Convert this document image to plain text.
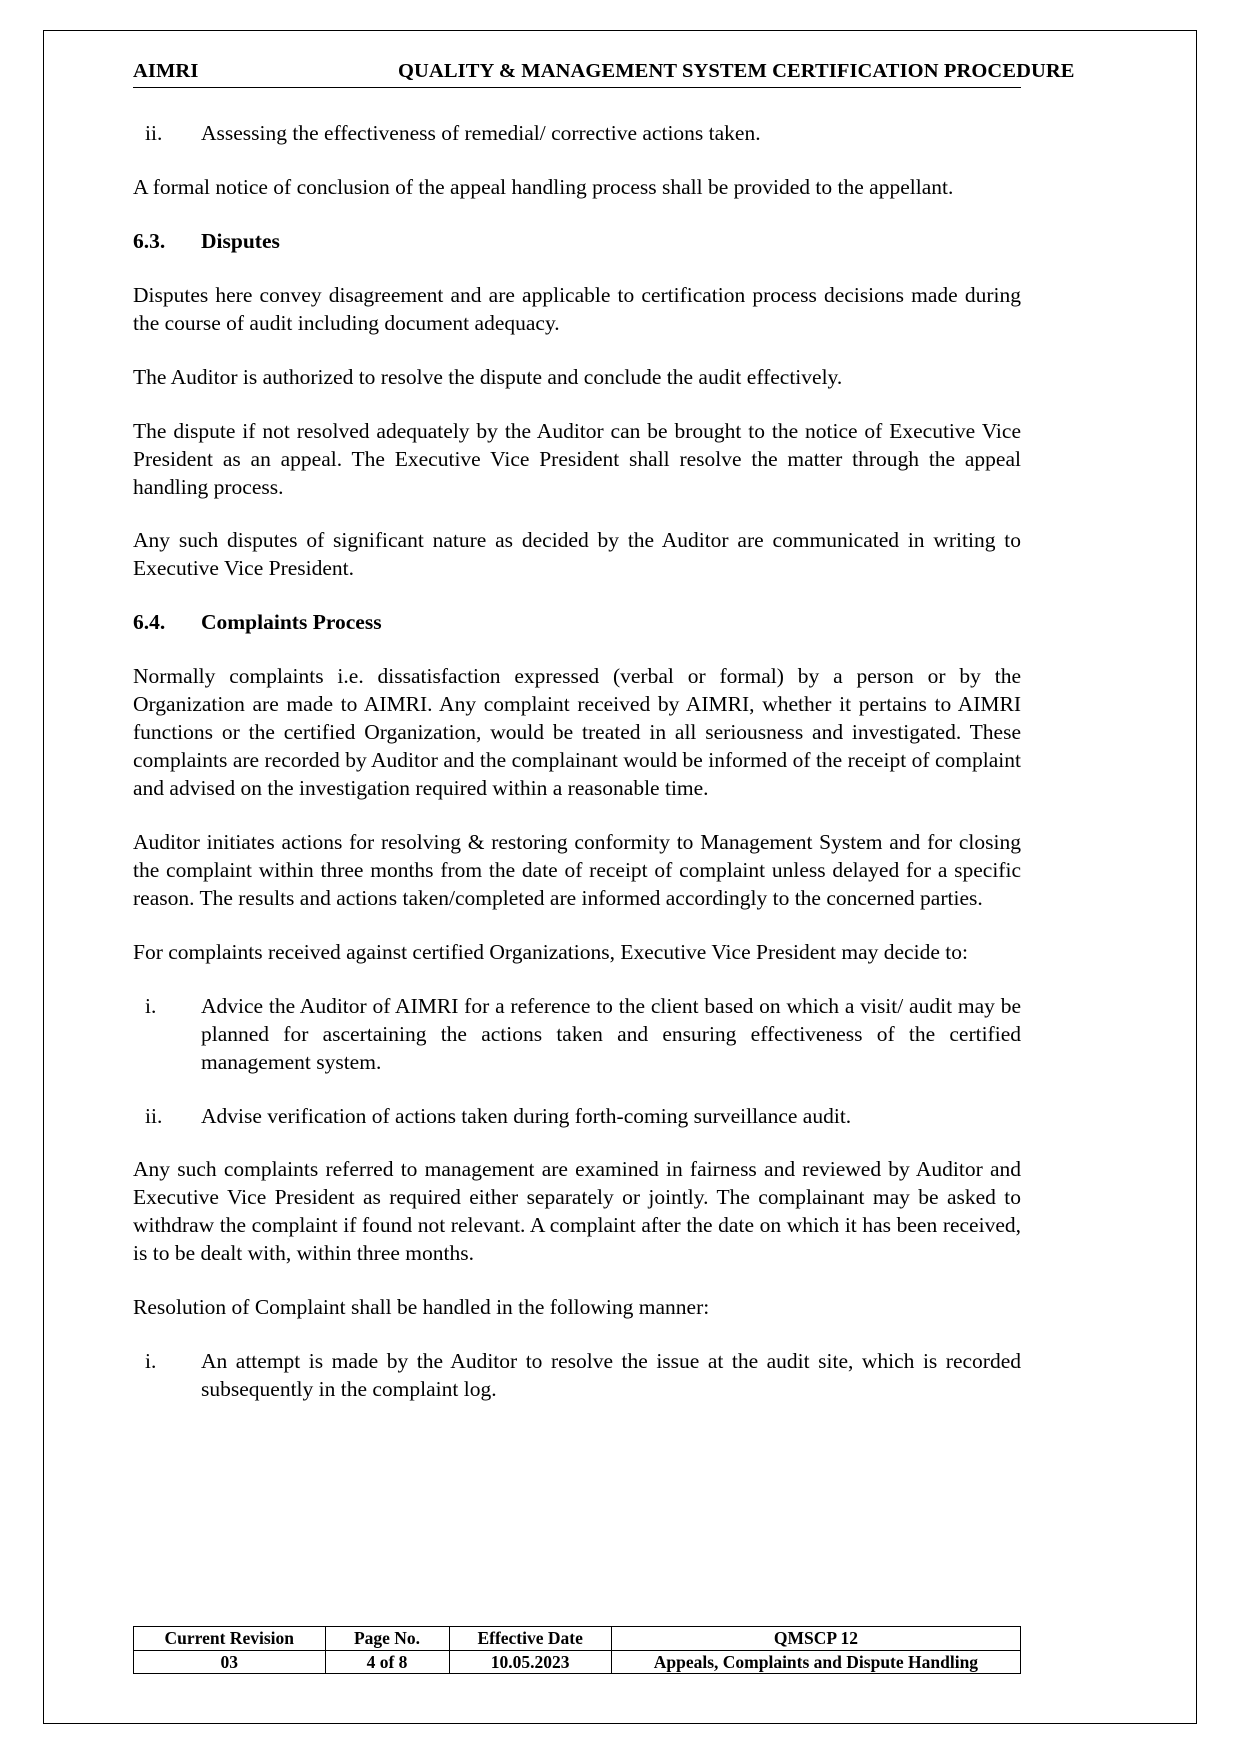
AIMRI	QUALITY & MANAGEMENT SYSTEM CERTIFICATION PROCEDURE
ii.	Assessing the effectiveness of remedial/ corrective actions taken.

A formal notice of conclusion of the appeal handling process shall be provided to the appellant.

6.3.	Disputes

Disputes here convey disagreement and are applicable to certification process decisions made during the course of audit including document adequacy.

The Auditor is authorized to resolve the dispute and conclude the audit effectively.

The dispute if not resolved adequately by the Auditor can be brought to the notice of Executive Vice President as an appeal. The Executive Vice President shall resolve the matter through the appeal handling process.

Any such disputes of significant nature as decided by the Auditor are communicated in writing to Executive Vice President.

6.4.	Complaints Process

Normally complaints i.e. dissatisfaction expressed (verbal or formal) by a person or by the Organization are made to AIMRI. Any complaint received by AIMRI, whether it pertains to AIMRI functions or the certified Organization, would be treated in all seriousness and investigated. These complaints are recorded by Auditor and the complainant would be informed of the receipt of complaint and advised on the investigation required within a reasonable time.

Auditor initiates actions for resolving & restoring conformity to Management System and for closing the complaint within three months from the date of receipt of complaint unless delayed for a specific reason. The results and actions taken/completed are informed accordingly to the concerned parties.

For complaints received against certified Organizations, Executive Vice President may decide to:

i.	Advice the Auditor of AIMRI for a reference to the client based on which a visit/ audit may be planned for ascertaining the actions taken and ensuring effectiveness of the certified management system.
ii.	Advise verification of actions taken during forth-coming surveillance audit.

Any such complaints referred to management are examined in fairness and reviewed by Auditor and Executive Vice President as required either separately or jointly. The complainant may be asked to withdraw the complaint if found not relevant. A complaint after the date on which it has been received, is to be dealt with, within three months.

Resolution of Complaint shall be handled in the following manner:

i.	An attempt is made by the Auditor to resolve the issue at the audit site, which is recorded subsequently in the complaint log.
Current Revision	Page No.	Effective Date	QMSCP 12
03	4 of 8	10.05.2023	Appeals, Complaints and Dispute Handling
